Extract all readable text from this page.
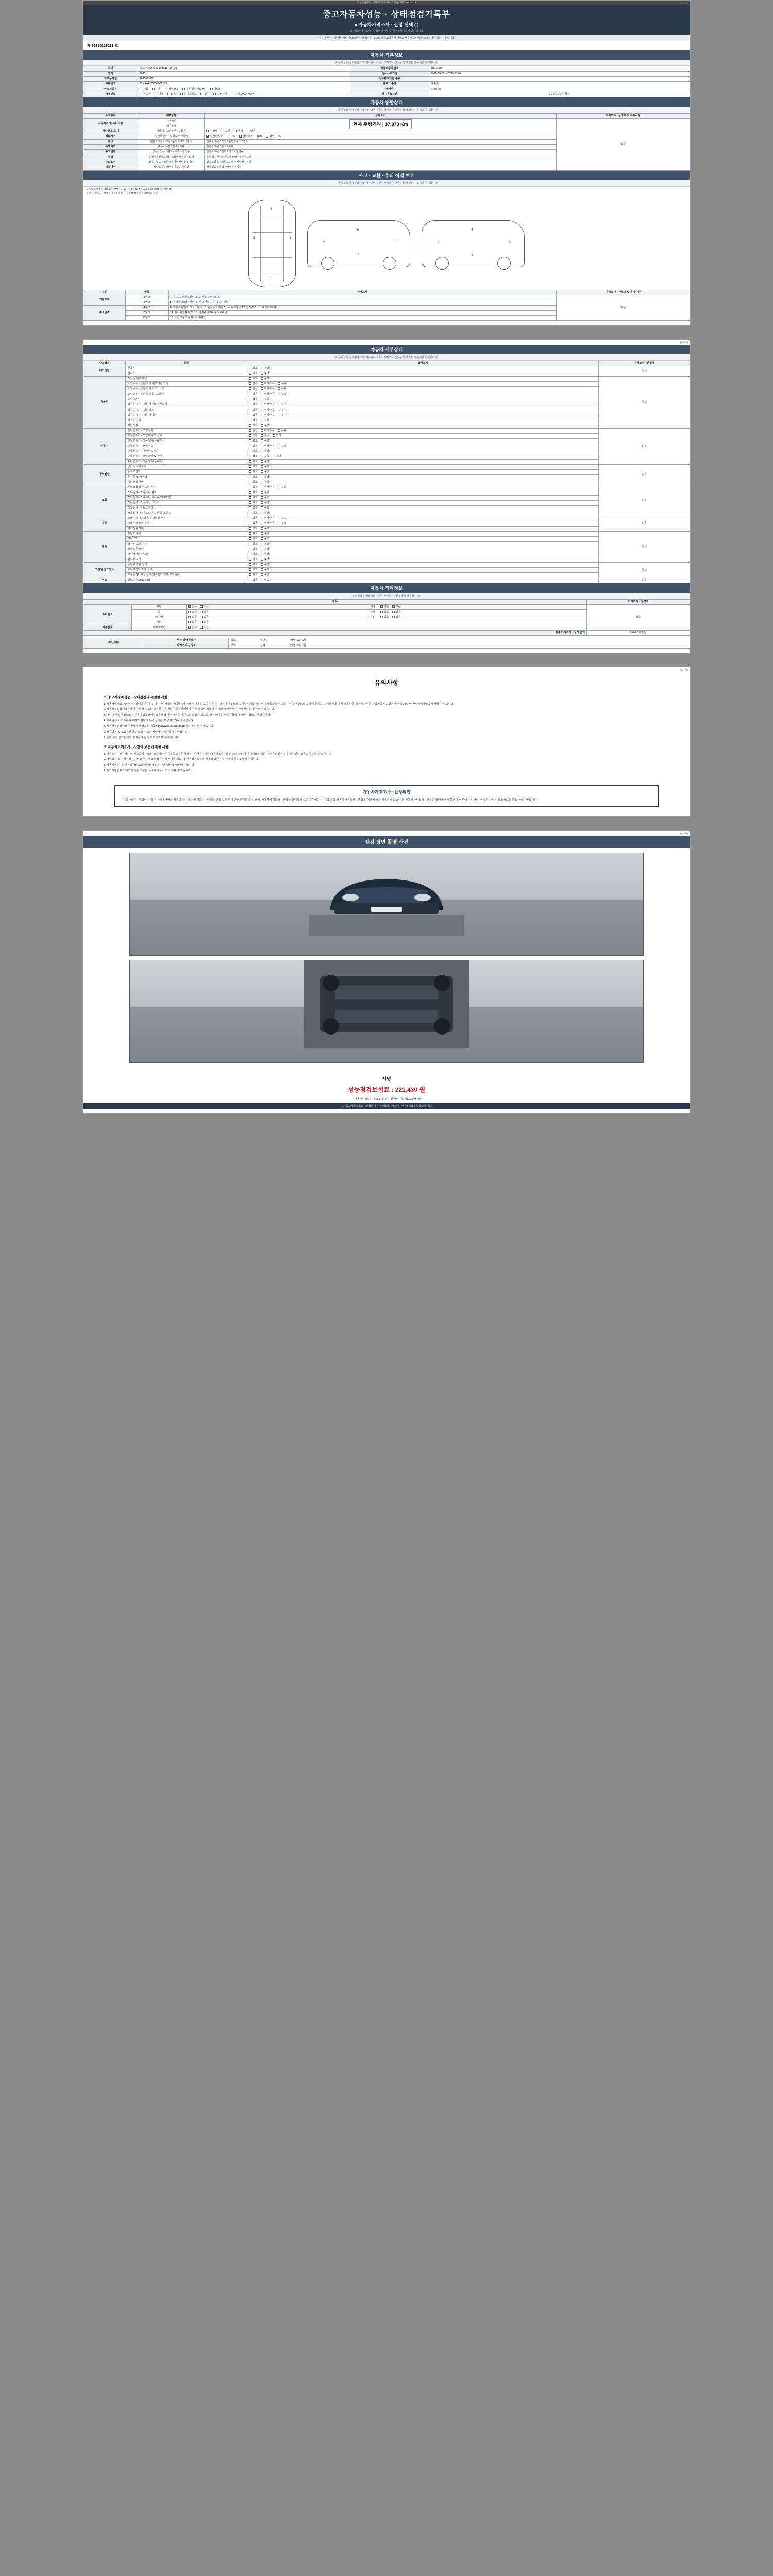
자동차관리법 시행규칙 [별지 제82호의3] <개정 2020.1.1.>	(1/4쪽)
중고자동차성능 · 상태점검기록부
■ 자동차가격조사 · 산정 선택 ( )
※ 자동차가격조사 · 산정선택 여부에 따라 작성여부가 달라집니다
이 기록부는 자동차관리법 제58조에 따라 작성된 것으로서 중고자동차 매매업자가 매수인에게 고지하여야 하는 서류입니다
제 95280128213 호
자동차 기본정보
(자동차성능·상태점검자 및 매수인이 자동차가격조사·산정을 함께 받는 경우에만 기재합니다)
차명	렉서스 LM350H ROYAL (4인승)	자동차등록번호	106구7011
연식	2025	검사유효기간	2025-03-08 ~ 2030-03-07
최초등록일	2025-03-29	검사유효기간 종류	
차대번호	JTHAAAD50S5006165	연료의 종류	가솔린
변속기종류	자동 수동 세미오토 무단변속기(CVT) 기타( )	배기량	2,487 cc
사용연료	가솔린 디젤 LPG 하이브리드 전기 수소전기 기타(LPG+가솔린)	검사유효기간	0 0 0 0 0 0 년월일
자동차 종합상태
(자동차성능·상태점검자 및 매수인이 자동차가격조사·산정을 함께 받는 경우에만 기재합니다)
주요항목	세부항목	상태표시	가격조사 · 산정액 및 특기사항
사용이력 및 특기사항	주행거리	현재 주행거리 | 37,873 Km	없음
	계기상태		
차량번호 표기	원상태 / 교환 / 부식 / 훼손	원상태 교환 부식 훼손	
배출가스	일산화탄소 / 탄화수소 / 매연	일산화탄소 0.01 % 탄화수소 1pm 매연 %	
튜닝	없음 / 있음 / 적법 / 불법 / 구조 / 장치	없음 / 있음 / 적법 / 불법 / 구조 / 장치	
특별이력	없음 / 있음 / 침수 / 화재	없음 / 있음 / 침수 / 화재	
용도변경	없음 / 있음 / 렌트 / 리스 / 영업용	없음 / 있음 / 렌트 / 리스 / 영업용	
색상	무변경 / 전체도색 / 색상변경 / 부분도색	무변경 / 전체도색 / 색상변경 / 부분도색	
주요옵션	없음 / 있음 / 선루프 / 내비게이션 / 기타	없음 / 있음 / 선루프 / 내비게이션 / 기타	
리콜대상	해당없음 / 해당 / 이행 / 미이행	해당없음 / 해당 / 이행 / 미이행	
사고 · 교환 · 수리 이력 여부
(자동차성능·상태점검자 및 매수인이 자동차가격조사·산정을 함께 받는 경우에만 기재합니다)
※ 상태표시 부호 : X (교환), W (판금 또는 용접), C (부식), A (흠집), U (요철), T (손상)
※ 하단 상태표시 항목은 가격조사·산정 기재 대상이 된 상태항목과 동일
1
3	3
4
2
6
7
5	2
6
7
5
구분	항목	상태표시	가격조사 · 산정액 및 특기사항
외판부위	1랭크	1. 후드 2. 프론트펜더 3. 도어 4. 트렁크리드	없음
	2랭크	5. 쿼터패널(리어펜더) 6. 루프패널 7. 사이드실패널	
주요골격	A랭크	8. 프론트패널 9. 크로스멤버 10. 인사이드패널 11. 사이드멤버 12. 휠하우스 13. 패키지트레이	
	B랭크	14. 필러패널(A,B,C) 15. 대쉬패널 16. 플로어패널	
	C랭크	17. 트렁크플로어 18. 리어패널	
(2/4쪽)
자동차 세부상태
(자동차성능·상태점검자 및 매수인이 자동차가격조사·산정을 함께 받는 경우에만 기재합니다)
주요장치	항목	상태표시	가격조사 · 산정액
자기진단	원동기	양호 불량	없음
	변속기	양호 불량	
원동기	작동상태(공회전)	양호 불량	없음
	오일누유 - 실린더 커버(로커암 커버)	없음 미세누유 누유	
	오일누유 - 실린더 헤드 / 가스켓	없음 미세누유 누유	
	오일누유 - 실린더 블록 / 오일팬	없음 미세누유 누유	
	오일 유량	적정 부족	
	냉각수 누수 - 실린더 헤드 / 가스켓	없음 미세누수 누수	
	냉각수 누수 - 워터펌프	없음 미세누수 누수	
	냉각수 누수 - 라디에이터	없음 미세누수 누수	
	냉각수 수량	적정 부족	
	커먼레일	양호 불량	
변속기	자동변속기 - 오일누유	없음 미세누유 누유	없음
	자동변속기 - 오일유량 및 상태	적정 부족 과다	
	자동변속기 - 작동상태(공회전)	양호 불량	
	수동변속기 - 오일누유	없음 미세누유 누유	
	수동변속기 - 기어변속장치	양호 불량	
	수동변속기 - 오일유량 및 상태	적정 부족 과다	
	수동변속기 - 작동상태(공회전)	양호 불량	
동력전달	클러치 어셈블리	양호 불량	없음
	등속조인트	양호 불량	
	추진축 및 베어링	양호 불량	
	디퍼렌셜 기어	양호 불량	
조향	동력조향 작동 오일 누유	없음 미세누유 누유	없음
	작동상태 - 스티어링 펌프	양호 불량	
	작동상태 - 스티어링 기어(MDPS포함)	양호 불량	
	작동상태 - 스티어링 조인트	양호 불량	
	작동상태 - 파워크랭크	양호 불량	
	작동상태 - 타이로드엔드 및 볼 조인트	양호 불량	
제동	브레이크 마스터 실린더오일 누유	없음 미세누유 누유	없음
	브레이크 오일 누유	없음 미세누유 누유	
	배력장치 상태	양호 불량	
전기	발전기 출력	양호 불량	없음
	시동 모터	양호 불량	
	와이퍼 모터 기능	양호 불량	
	실내송풍 모터	양호 불량	
	라디에이터 팬 모터	양호 불량	
	윈도우 모터	양호 불량	
고전원 전기장치	충전구 절연 상태	양호 불량	없음
	구동축전지 격리 상태	양호 불량	
	고전원전기배선 상태(접속단자,피복,보호기구)	양호 불량	
연료	연료누출(LPG포함)	없음 있음	없음
자동차 기타정보
(※ 항목을 체크하되 자동차가격조사 · 산정자가 기재합니다)
항목				가격조사 · 산정액
수리필요	외장	없음 있음	내장 없음 있음	없음
	휠	없음 있음	광택 없음 있음	
	타이어	없음 있음	유리 없음 있음	
	기타	없음 있음		
기본품목	네비게이션	없음 있음		
최종 가격조사 · 산정 금액				0 0 0 0 0 만원
확인사항	성능·상태점검자	상호 : 　　　　　　　　 성명 : 　　　　　　　　 (서명 또는 인)
	가격조사·산정자	상호 : 　　　　　　　　 성명 : 　　　　　　　　 (서명 또는 인)
(3/4쪽)
유의사항
※ 중고자동차성능 · 상태점검과 관련한 사항

1. 자동차매매업자는 성능 · 상태점검기록부(이하 "이 기록부"라 한다)에 기재된 내용을 고지하지 아니하거나 거짓으로 고지할 때에는 매수인이 자동차를 인도받기 전에 서면으로 고지해야 하고, 고지한 내용이 사실과 다를 경우 매수인은 자동차를 인도받은 날부터 30일 이내에 매매계약을 해제할 수 있습니다.

2. 자동차성능상태점검자가 거짓 점검 또는 고지한 경우에는 자동차관리법에 따라 벌칙이 적용될 수 있으며, 매수인은 손해배상을 청구할 수 있습니다.

3. 이 기록부의 점검내용은 자동차성능상태점검자가 점검한 시점을 기준으로 작성된 것으로, 점검 이후의 변동사항에 대해서는 책임지지 않습니다.

4. 매수인은 이 기록부의 내용과 실제 자동차 상태를 직접 확인하시기 바랍니다.

5. 자동차성능상태점검자에 대한 정보는 자동차365(www.car365.go.kr)에서 확인할 수 있습니다.

6. 보증범위 및 보증기간 등은 보증서 또는 계약서를 확인하시기 바랍니다.

7. 점검 관련 문의는 해당 점검장 또는 협회로 연락하시기 바랍니다.

※ 자동차가격조사 · 산정의 보증에 관한 사항

1. 가격조사 · 산정자는 이에 보증기간 또는 보증거리 이내에 중고자동차 성능 · 상태점검기록부(가격조사 · 산정 부분 포함)의 기재내용과 다른 사항이 발견된 경우 매수인은 보증을 청구할 수 있습니다.

2. 매매업자 또는 성능점검자는 보증기간 또는 보증거리 이내에 성능 · 상태점검기록부의 기재와 다른 경우 수리비용을 보상해야 합니다.

3. 자동차성능 · 상태점검자의 보증범위와 내용은 관련 법령 및 약관에 따릅니다.

4. 특기사항란에 기재되지 않은 사항은 보증의 대상이 되지 않을 수 있습니다.

자동차가격조사 · 산정의견
「자동차조사 · 산정인」 삼사기 매매계약을 체결할 때 자동차가격조사 · 산정을 받을 것인지 여부를 선택할 수 있으며, 자동차가격조사 · 산정을 선택하지 않은 경우에는 이 기록부 중 자동차가격조사 · 산정에 관한 사항은 기재되지 않습니다. 자동차가격조사 · 산정은 매매계약 체결 전에 이루어져야 하며, 산정된 가격은 참고자료로 활용하시기 바랍니다.
(4/4쪽)
점검 장면 촬영 사진
서명
성능점검보험료 : 221,430 원
「 자동차관리법」 제58조 및 같은 법 시행규칙 제120조에 따라
[ 1 ] 중고자동차성능 · 상태를 점검, [ 자동차가격조사 · 산정 ] 하였음을 확인합니다.
